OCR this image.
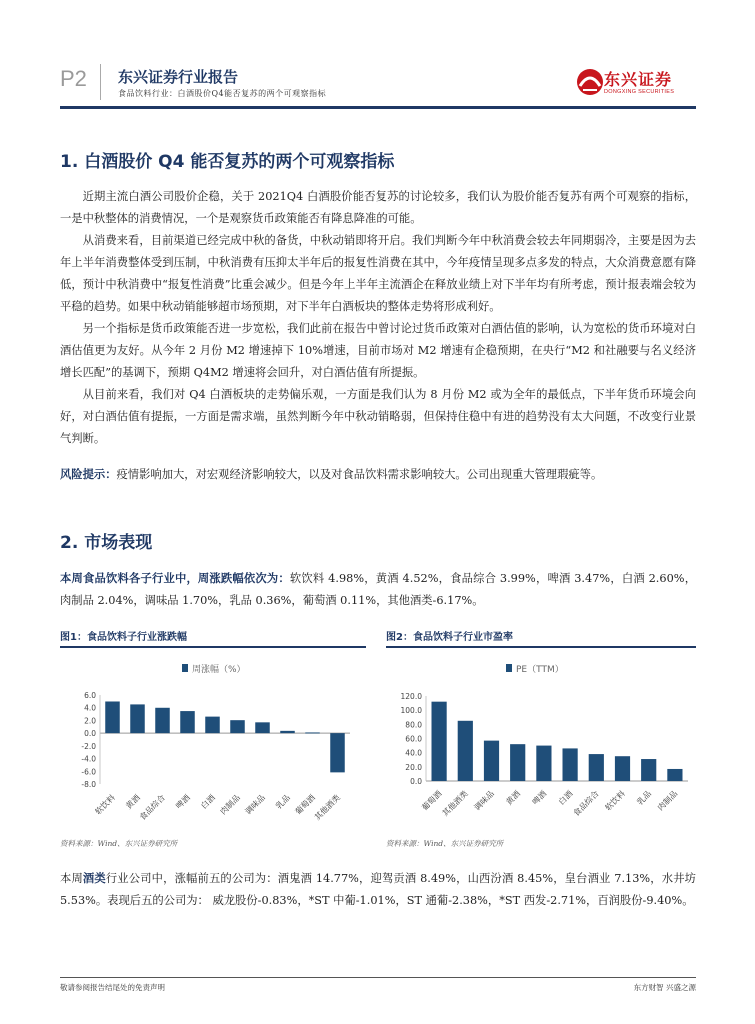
P2 东兴证券行业报告
食品饮料行业：白酒股价Q4能否复苏的两个可观察指标
东兴证券
DONGXING SECURITIES
1. 白酒股价 Q4 能否复苏的两个可观察指标

近期主流白酒公司股价企稳，关于 2021Q4 白酒股价能否复苏的讨论较多，我们认为股价能否复苏有两个可观察的指标，一是中秋整体的消费情况，一个是观察货币政策能否有降息降准的可能。

从消费来看，目前渠道已经完成中秋的备货，中秋动销即将开启。我们判断今年中秋消费会较去年同期弱冷，主要是因为去年上半年消费整体受到压制，中秋消费有压抑太半年后的报复性消费在其中，今年疫情呈现多点多发的特点，大众消费意愿有降低，预计中秋消费中“报复性消费”比重会减少。但是今年上半年主流酒企在释放业绩上对下半年均有所考虑，预计报表端会较为平稳的趋势。如果中秋动销能够超市场预期，对下半年白酒板块的整体走势将形成利好。

另一个指标是货币政策能否进一步宽松，我们此前在报告中曾讨论过货币政策对白酒估值的影响，认为宽松的货币环境对白酒估值更为友好。从今年 2 月份 M2 增速掉下 10%增速，目前市场对 M2 增速有企稳预期，在央行“M2 和社融要与名义经济增长匹配”的基调下，预期 Q4M2 增速将会回升，对白酒估值有所提振。

从目前来看，我们对 Q4 白酒板块的走势偏乐观，一方面是我们认为 8 月份 M2 或为全年的最低点，下半年货币环境会向好，对白酒估值有提振，一方面是需求端，虽然判断今年中秋动销略弱，但保持住稳中有进的趋势没有太大问题，不改变行业景气判断。

风险提示：疫情影响加大，对宏观经济影响较大，以及对食品饮料需求影响较大。公司出现重大管理瑕疵等。
2. 市场表现
本周食品饮料各子行业中，周涨跌幅依次为：软饮料 4.98%，黄酒 4.52%，食品综合 3.99%，啤酒 3.47%，白酒 2.60%，肉制品 2.04%，调味品 1.70%，乳品 0.36%，葡萄酒 0.11%，其他酒类-6.17%。
图1：食品饮料子行业涨跌幅
周涨幅（%）
6.0
4.0
2.0
0.0
-2.0
-4.0
-6.0
-8.0
软饮料 黄酒
食品综合 啤酒 白酒 肉制品 调味品 乳品 葡萄酒
其他酒类
资料来源：Wind、东兴证券研究所
图2：食品饮料子行业市盈率
PE（TTM）
120.0
100.0
80.0
60.0
40.0
20.0
0.0
葡萄酒
其他酒类 调味品 黄酒 啤酒 白酒
食品综合 软饮料 乳品 肉制品
资料来源：Wind、东兴证券研究所
本周酒类行业公司中，涨幅前五的公司为：酒鬼酒 14.77%，迎驾贡酒 8.49%，山西汾酒 8.45%，皇台酒业 7.13%，水井坊 5.53%。表现后五的公司为： 威龙股份-0.83%，*ST 中葡-1.01%，ST 通葡-2.38%，*ST 西发-2.71%，百润股份-9.40%。
敬请参阅报告结尾处的免责声明	东方财智 兴盛之源
